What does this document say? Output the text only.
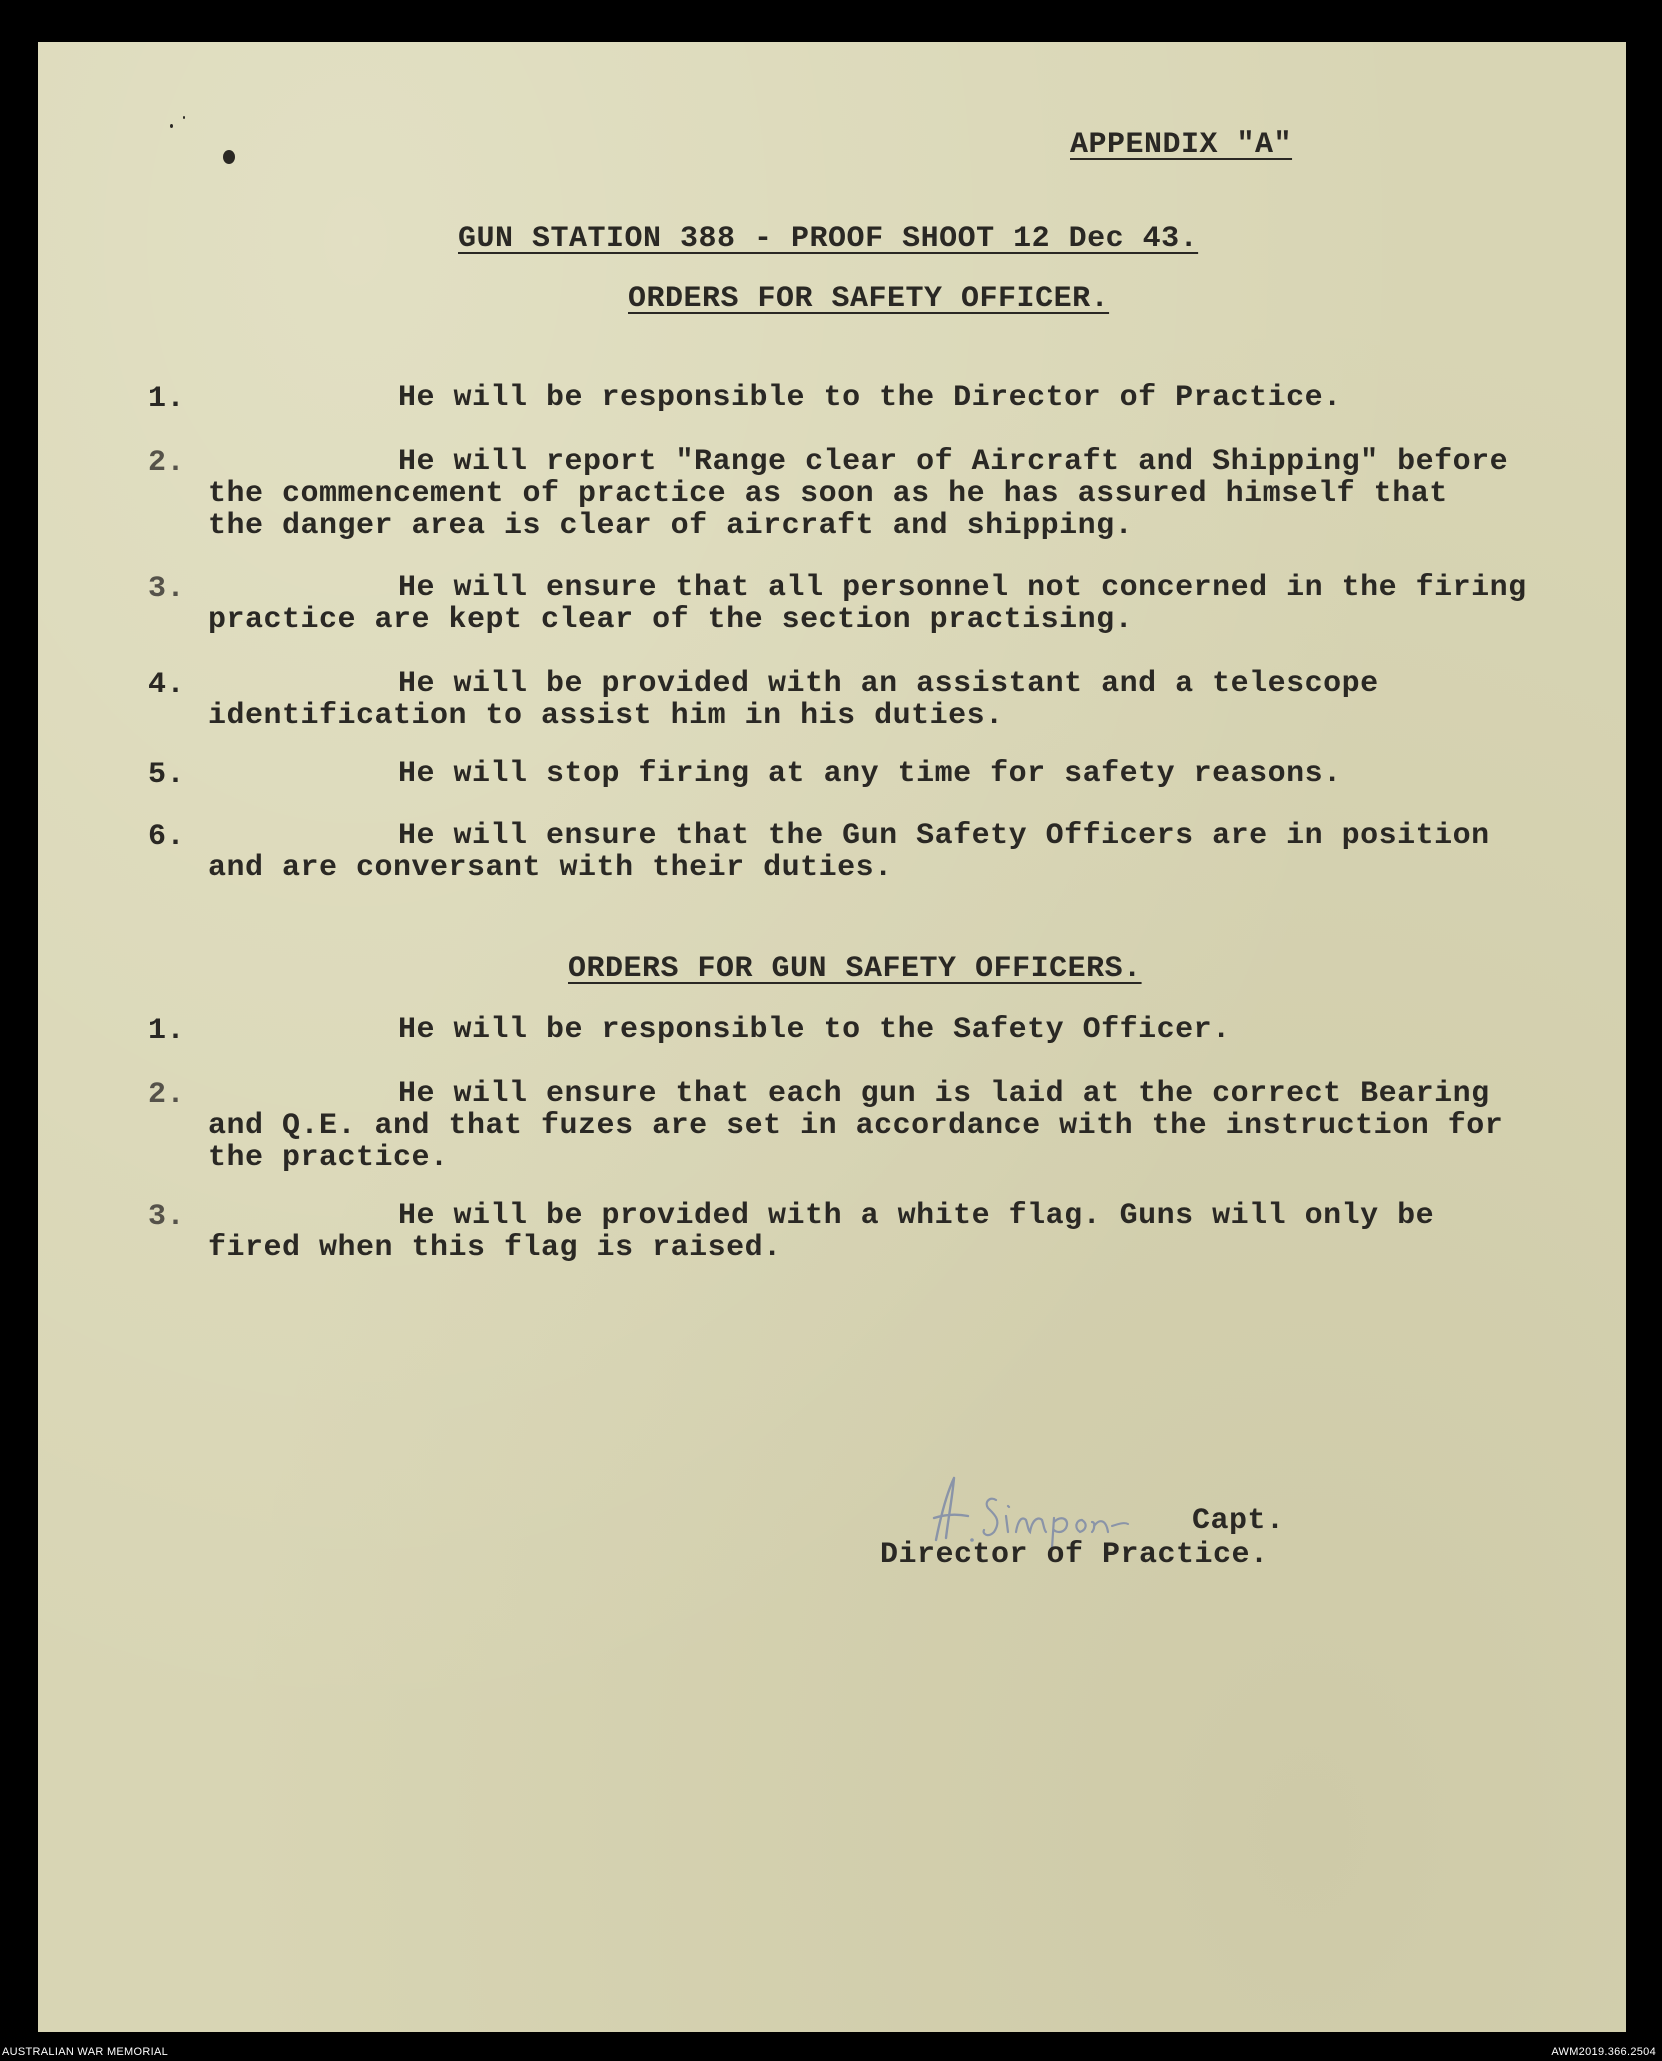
APPENDIX "A"

GUN STATION 388 - PROOF SHOOT 12 Dec 43.

ORDERS FOR SAFETY OFFICER.

1.	He will be responsible to the Director of Practice.

2.	He will report "Range clear of Aircraft and Shipping" before
the commencement of practice as soon as he has assured himself that
the danger area is clear of aircraft and shipping.

3.	He will ensure that all personnel not concerned in the firing
practice are kept clear of the section practising.

4.	He will be provided with an assistant and a telescope
identification to assist him in his duties.

5.	He will stop firing at any time for safety reasons.

6.	He will ensure that the Gun Safety Officers are in position
and are conversant with their duties.

ORDERS FOR GUN SAFETY OFFICERS.

1.	He will be responsible to the Safety Officer.

2.	He will ensure that each gun is laid at the correct Bearing
and Q.E. and that fuzes are set in accordance with the instruction for
the practice.

3.	He will be provided with a white flag. Guns will only be
fired when this flag is raised.

Capt.

Director of Practice.

AUSTRALIAN WAR MEMORIAL	AWM2019.366.2504
